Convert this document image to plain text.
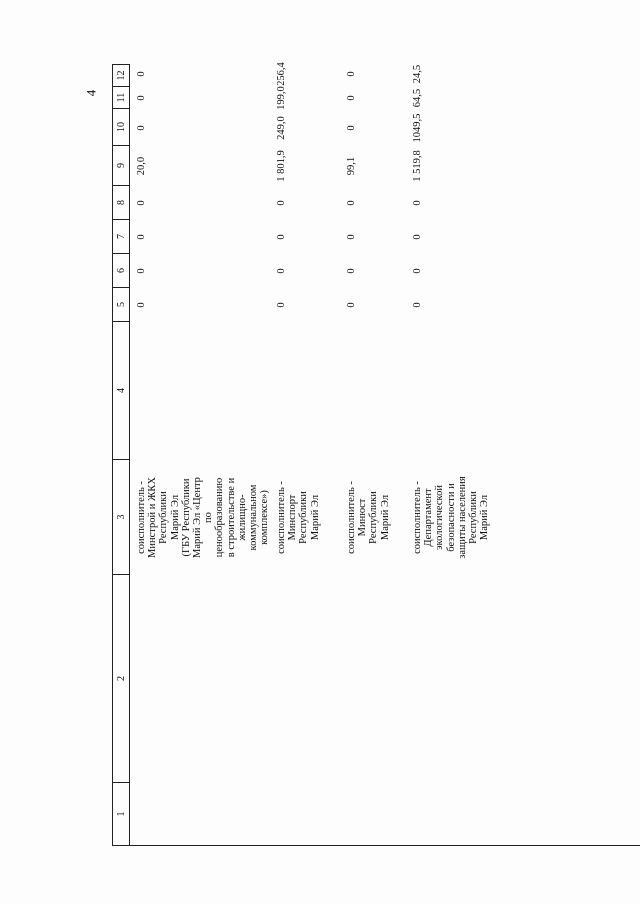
4
1
2
3
4
5
6
7
8
9
10
11
12
соисполнитель -
Минстрой и ЖКХ
Республики
Марий Эл
(ГБУ Республики
Марий Эл «Центр
по
ценообразованию
в строительстве и
жилищно-
коммунальном
комплексе»)
0
0
0
0
20,0
0
0
0
соисполнитель -
Минспорт
Республики
Марий Эл
0
0
0
0
1 801,9
249,0
199,0
256,4
соисполнитель -
Минюст
Республики
Марий Эл
0
0
0
0
99,1
0
0
0
соисполнитель -
Департамент
экологической
безопасности и
защиты населения
Республики
Марий Эл
0
0
0
0
1 519,8
1049,5
64,5
24,5
